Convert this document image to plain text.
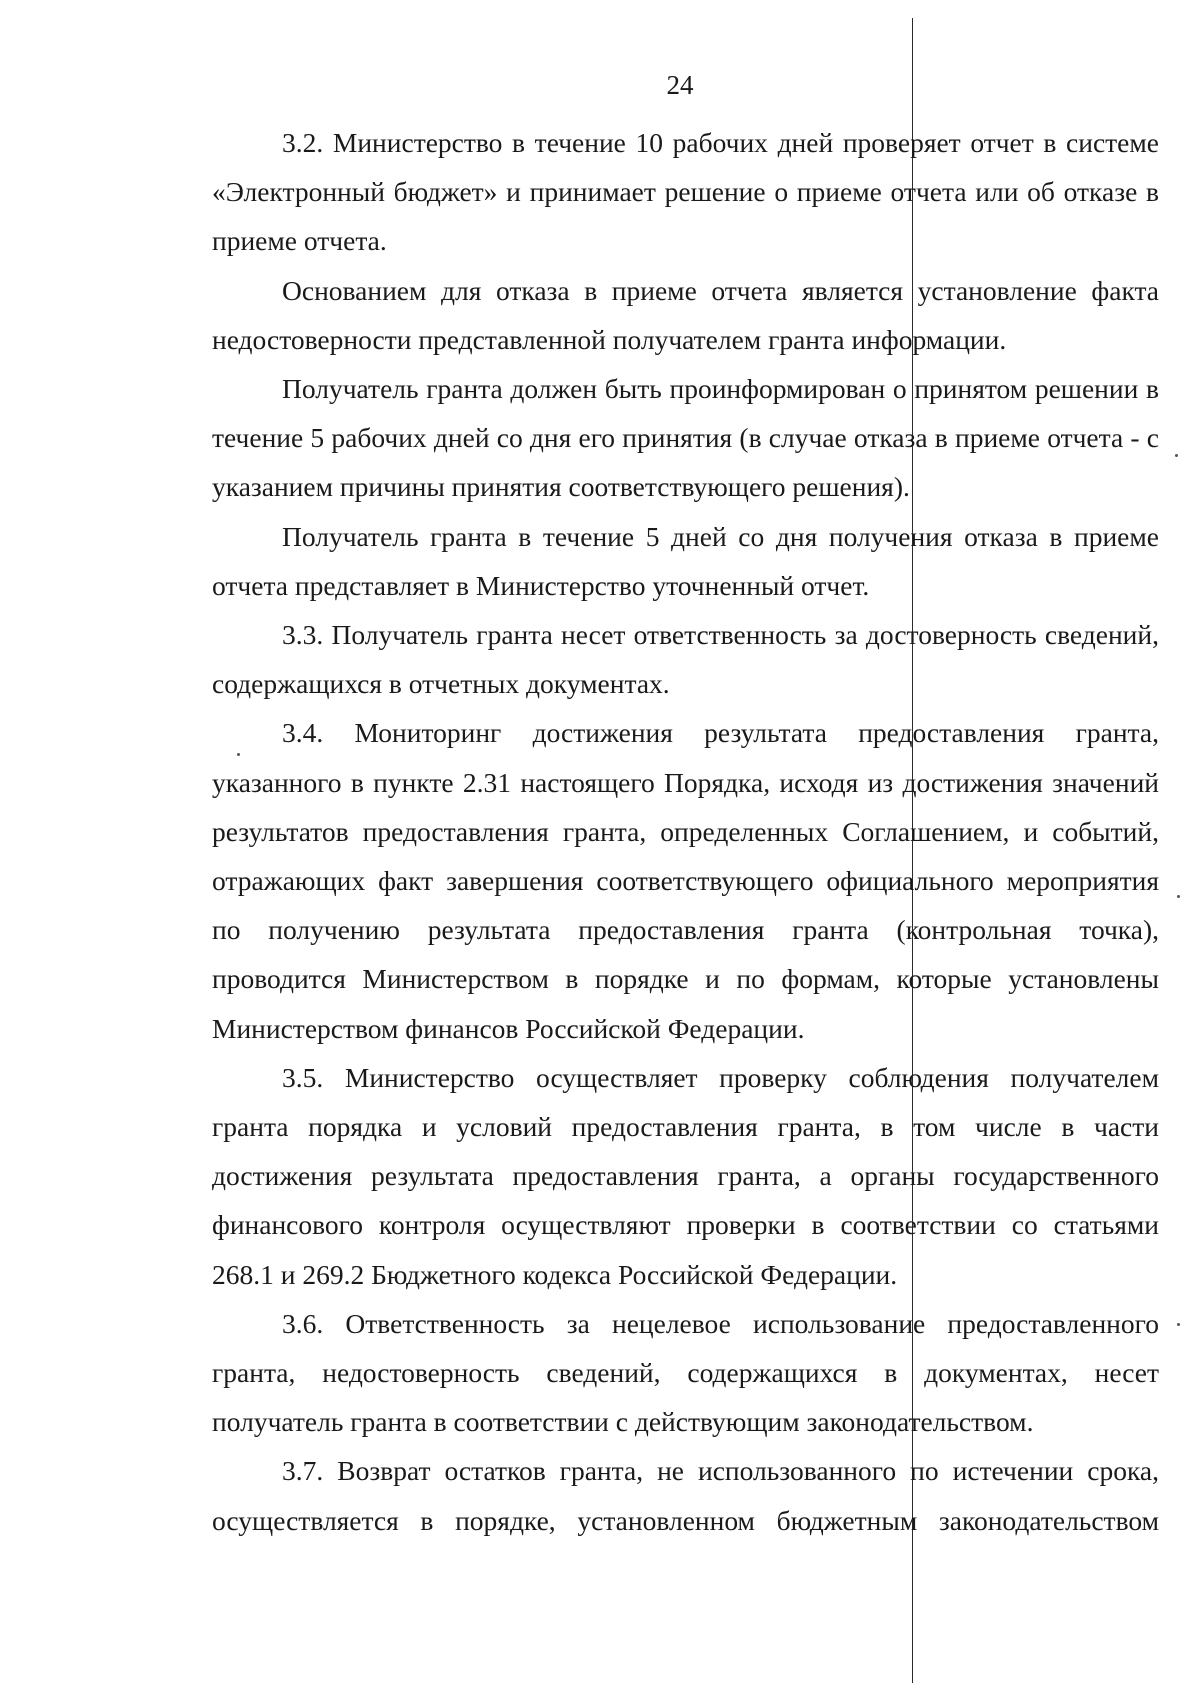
24

3.2. Министерство в течение 10 рабочих дней проверяет отчет в системе «Электронный бюджет» и принимает решение о приеме отчета или об отказе в приеме отчета.

Основанием для отказа в приеме отчета является установление факта недостоверности представленной получателем гранта информации.

Получатель гранта должен быть проинформирован о принятом решении в течение 5 рабочих дней со дня его принятия (в случае отказа в приеме отчета - с указанием причины принятия соответствующего решения).

Получатель гранта в течение 5 дней со дня получения отказа в приеме отчета представляет в Министерство уточненный отчет.

3.3. Получатель гранта несет ответственность за достоверность сведений, содержащихся в отчетных документах.

3.4. Мониторинг достижения результата предоставления гранта, указанного в пункте 2.31 настоящего Порядка, исходя из достижения значений результатов предоставления гранта, определенных Соглашением, и событий, отражающих факт завершения соответствующего официального мероприятия по получению результата предоставления гранта (контрольная точка), проводится Министерством в порядке и по формам, которые установлены Министерством финансов Российской Федерации.

3.5. Министерство осуществляет проверку соблюдения получателем гранта порядка и условий предоставления гранта, в том числе в части достижения результата предоставления гранта, а органы государственного финансового контроля осуществляют проверки в соответствии со статьями 268.1 и 269.2 Бюджетного кодекса Российской Федерации.

3.6. Ответственность за нецелевое использование предоставленного гранта, недостоверность сведений, содержащихся в документах, несет получатель гранта в соответствии с действующим законодательством.

3.7. Возврат остатков гранта, не использованного по истечении срока, осуществляется в порядке, установленном бюджетным законодательством
